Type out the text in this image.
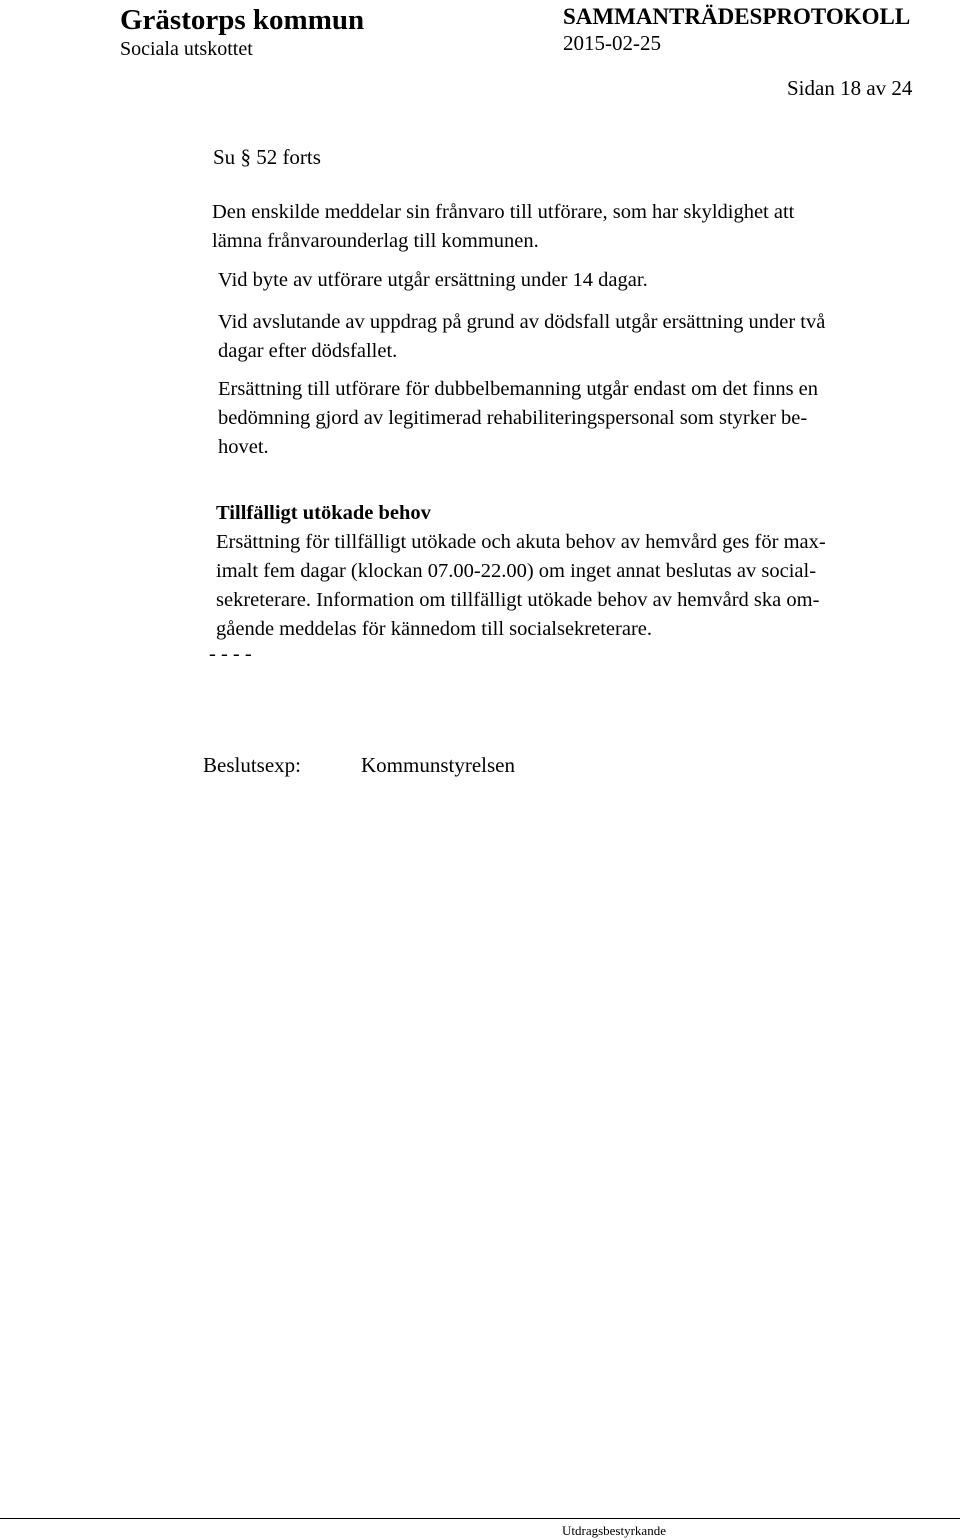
Grästorps kommun
Sociala utskottet
SAMMANTRÄDESPROTOKOLL
2015-02-25
Sidan 18 av 24
Su § 52 forts
Den enskilde meddelar sin frånvaro till utförare, som har skyldighet att
lämna frånvarounderlag till kommunen.
Vid byte av utförare utgår ersättning under 14 dagar.
Vid avslutande av uppdrag på grund av dödsfall utgår ersättning under två
dagar efter dödsfallet.
Ersättning till utförare för dubbelbemanning utgår endast om det finns en
bedömning gjord av legitimerad rehabiliteringspersonal som styrker be-
hovet.
Tillfälligt utökade behov
Ersättning för tillfälligt utökade och akuta behov av hemvård ges för max-
imalt fem dagar (klockan 07.00-22.00) om inget annat beslutas av social-
sekreterare. Information om tillfälligt utökade behov av hemvård ska om-
gående meddelas för kännedom till socialsekreterare.
- - - -
Beslutsexp:	Kommunstyrelsen
Utdragsbestyrkande
